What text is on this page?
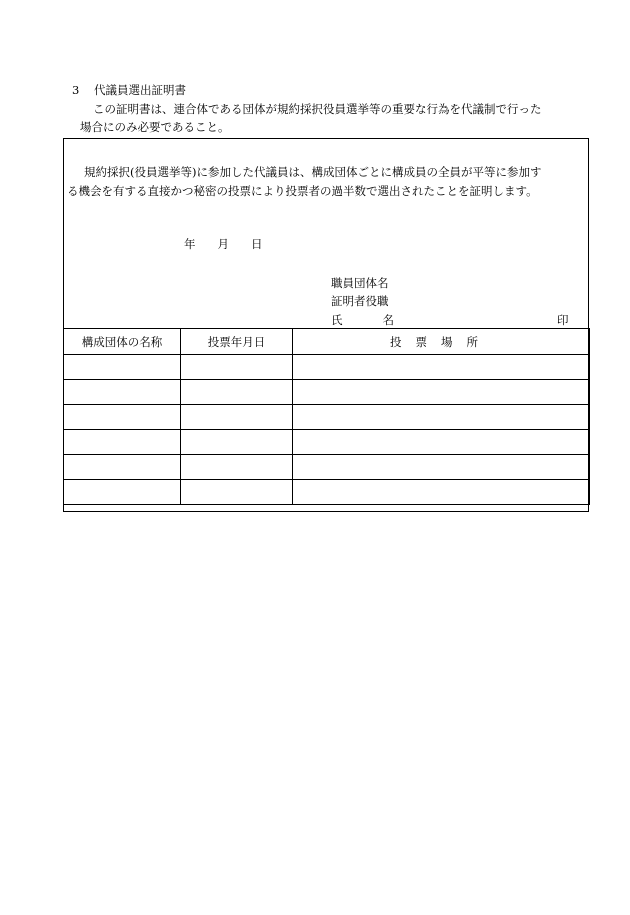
3 代議員選出証明書
この証明書は、連合体である団体が規約採択役員選挙等の重要な行為を代議制で行った
場合にのみ必要であること。
規約採択(役員選挙等)に参加した代議員は、構成団体ごとに構成員の全員が平等に参加す
る機会を有する直接かつ秘密の投票により投票者の過半数で選出されたことを証明します。
年 月 日
職員団体名
証明者役職
氏	名	印
構成団体の名称	投票年月日	投票場所
